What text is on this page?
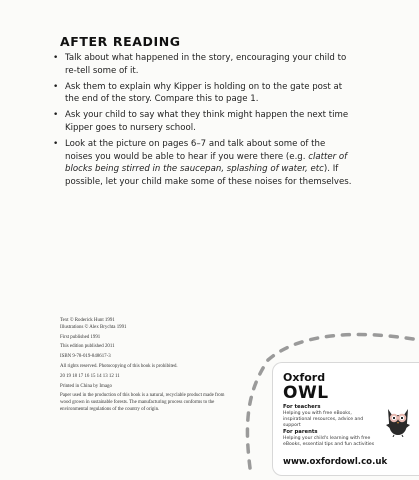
AFTER READING
• Talk about what happened in the story, encouraging your child to re-tell some of it.
• Ask them to explain why Kipper is holding on to the gate post at the end of the story. Compare this to page 1.
• Ask your child to say what they think might happen the next time Kipper goes to nursery school.
• Look at the picture on pages 6–7 and talk about some of the noises you would be able to hear if you were there (e.g. clatter of blocks being stirred in the saucepan, splashing of water, etc). If possible, let your child make some of these noises for themselves.

Text © Roderick Hunt 1991
Illustrations © Alex Brychta 1991

First published 1991

This edition published 2011

ISBN 9-78-019-848617-3

All rights reserved. Photocopying of this book is prohibited.

20 19 18 17 16 15 14 13 12 11

Printed in China by Imago

Paper used in the production of this book is a natural, recyclable product made from wood grown in sustainable forests. The manufacturing process conforms to the environmental regulations of the country of origin.

Oxford
OWL
For teachers
Helping you with free eBooks, inspirational resources, advice and support
For parents
Helping your child's learning with free eBooks, essential tips and fun activities
www.oxfordowl.co.uk
